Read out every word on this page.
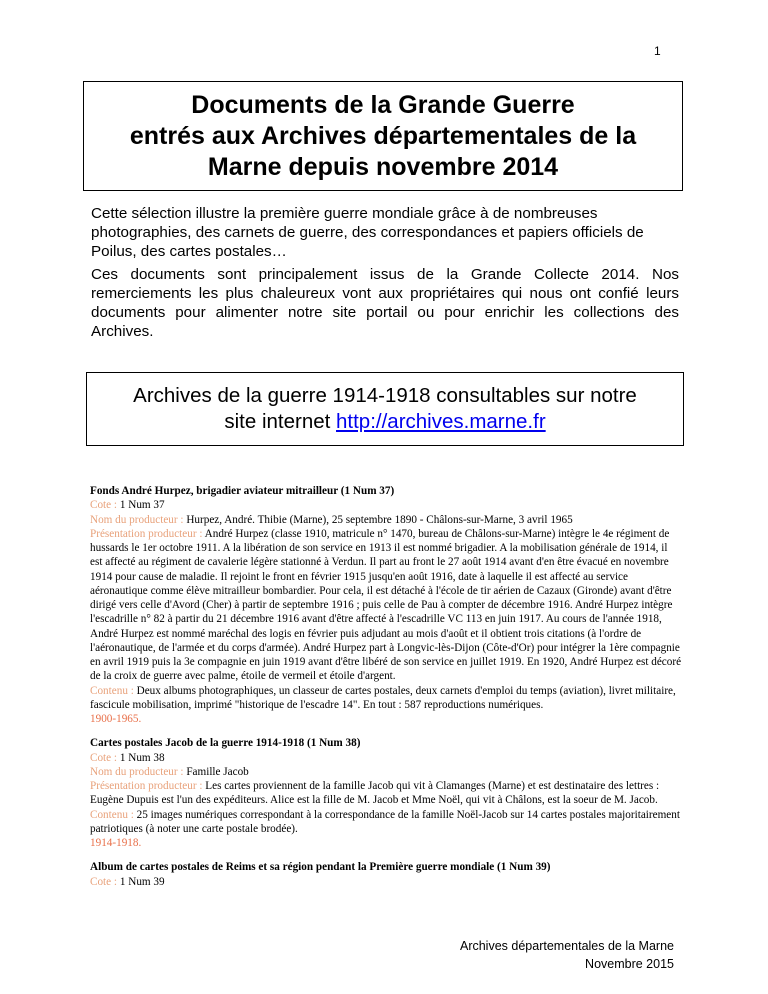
1
Documents de la Grande Guerre
entrés aux Archives départementales de la
Marne depuis novembre 2014

Cette sélection illustre la première guerre mondiale grâce à de nombreuses photographies, des carnets de guerre, des correspondances et papiers officiels de Poilus, des cartes postales…

Ces documents sont principalement issus de la Grande Collecte 2014. Nos remerciements les plus chaleureux vont aux propriétaires qui nous ont confié leurs documents pour alimenter notre site portail ou pour enrichir les collections des Archives.

Archives de la guerre 1914-1918 consultables sur notre
site internet http://archives.marne.fr
Fonds André Hurpez, brigadier aviateur mitrailleur (1 Num 37)
Cote : 1 Num 37
Nom du producteur : Hurpez, André. Thibie (Marne), 25 septembre 1890 - Châlons-sur-Marne, 3 avril 1965
Présentation producteur : André Hurpez (classe 1910, matricule n° 1470, bureau de Châlons-sur-Marne) intègre le 4e régiment de hussards le 1er octobre 1911. A la libération de son service en 1913 il est nommé brigadier. A la mobilisation générale de 1914, il est affecté au régiment de cavalerie légère stationné à Verdun. Il part au front le 27 août 1914 avant d'en être évacué en novembre 1914 pour cause de maladie. Il rejoint le front en février 1915 jusqu'en août 1916, date à laquelle il est affecté au service aéronautique comme élève mitrailleur bombardier. Pour cela, il est détaché à l'école de tir aérien de Cazaux (Gironde) avant d'être dirigé vers celle d'Avord (Cher) à partir de septembre 1916 ; puis celle de Pau à compter de décembre 1916. André Hurpez intègre l'escadrille n° 82 à partir du 21 décembre 1916 avant d'être affecté à l'escadrille VC 113 en juin 1917. Au cours de l'année 1918, André Hurpez est nommé maréchal des logis en février puis adjudant au mois d'août et il obtient trois citations (à l'ordre de l'aéronautique, de l'armée et du corps d'armée). André Hurpez part à Longvic-lès-Dijon (Côte-d'Or) pour intégrer la 1ère compagnie en avril 1919 puis la 3e compagnie en juin 1919 avant d'être libéré de son service en juillet 1919. En 1920, André Hurpez est décoré de la croix de guerre avec palme, étoile de vermeil et étoile d'argent.
Contenu : Deux albums photographiques, un classeur de cartes postales, deux carnets d'emploi du temps (aviation), livret militaire, fascicule mobilisation, imprimé "historique de l'escadre 14". En tout : 587 reproductions numériques.
1900-1965.
Cartes postales Jacob de la guerre 1914-1918 (1 Num 38)
Cote : 1 Num 38
Nom du producteur : Famille Jacob
Présentation producteur : Les cartes proviennent de la famille Jacob qui vit à Clamanges (Marne) et est destinataire des lettres : Eugène Dupuis est l'un des expéditeurs. Alice est la fille de M. Jacob et Mme Noël, qui vit à Châlons, est la soeur de M. Jacob.
Contenu : 25 images numériques correspondant à la correspondance de la famille Noël-Jacob sur 14 cartes postales majoritairement patriotiques (à noter une carte postale brodée).
1914-1918.
Album de cartes postales de Reims et sa région pendant la Première guerre mondiale (1 Num 39)
Cote : 1 Num 39
Archives départementales de la Marne
Novembre 2015
